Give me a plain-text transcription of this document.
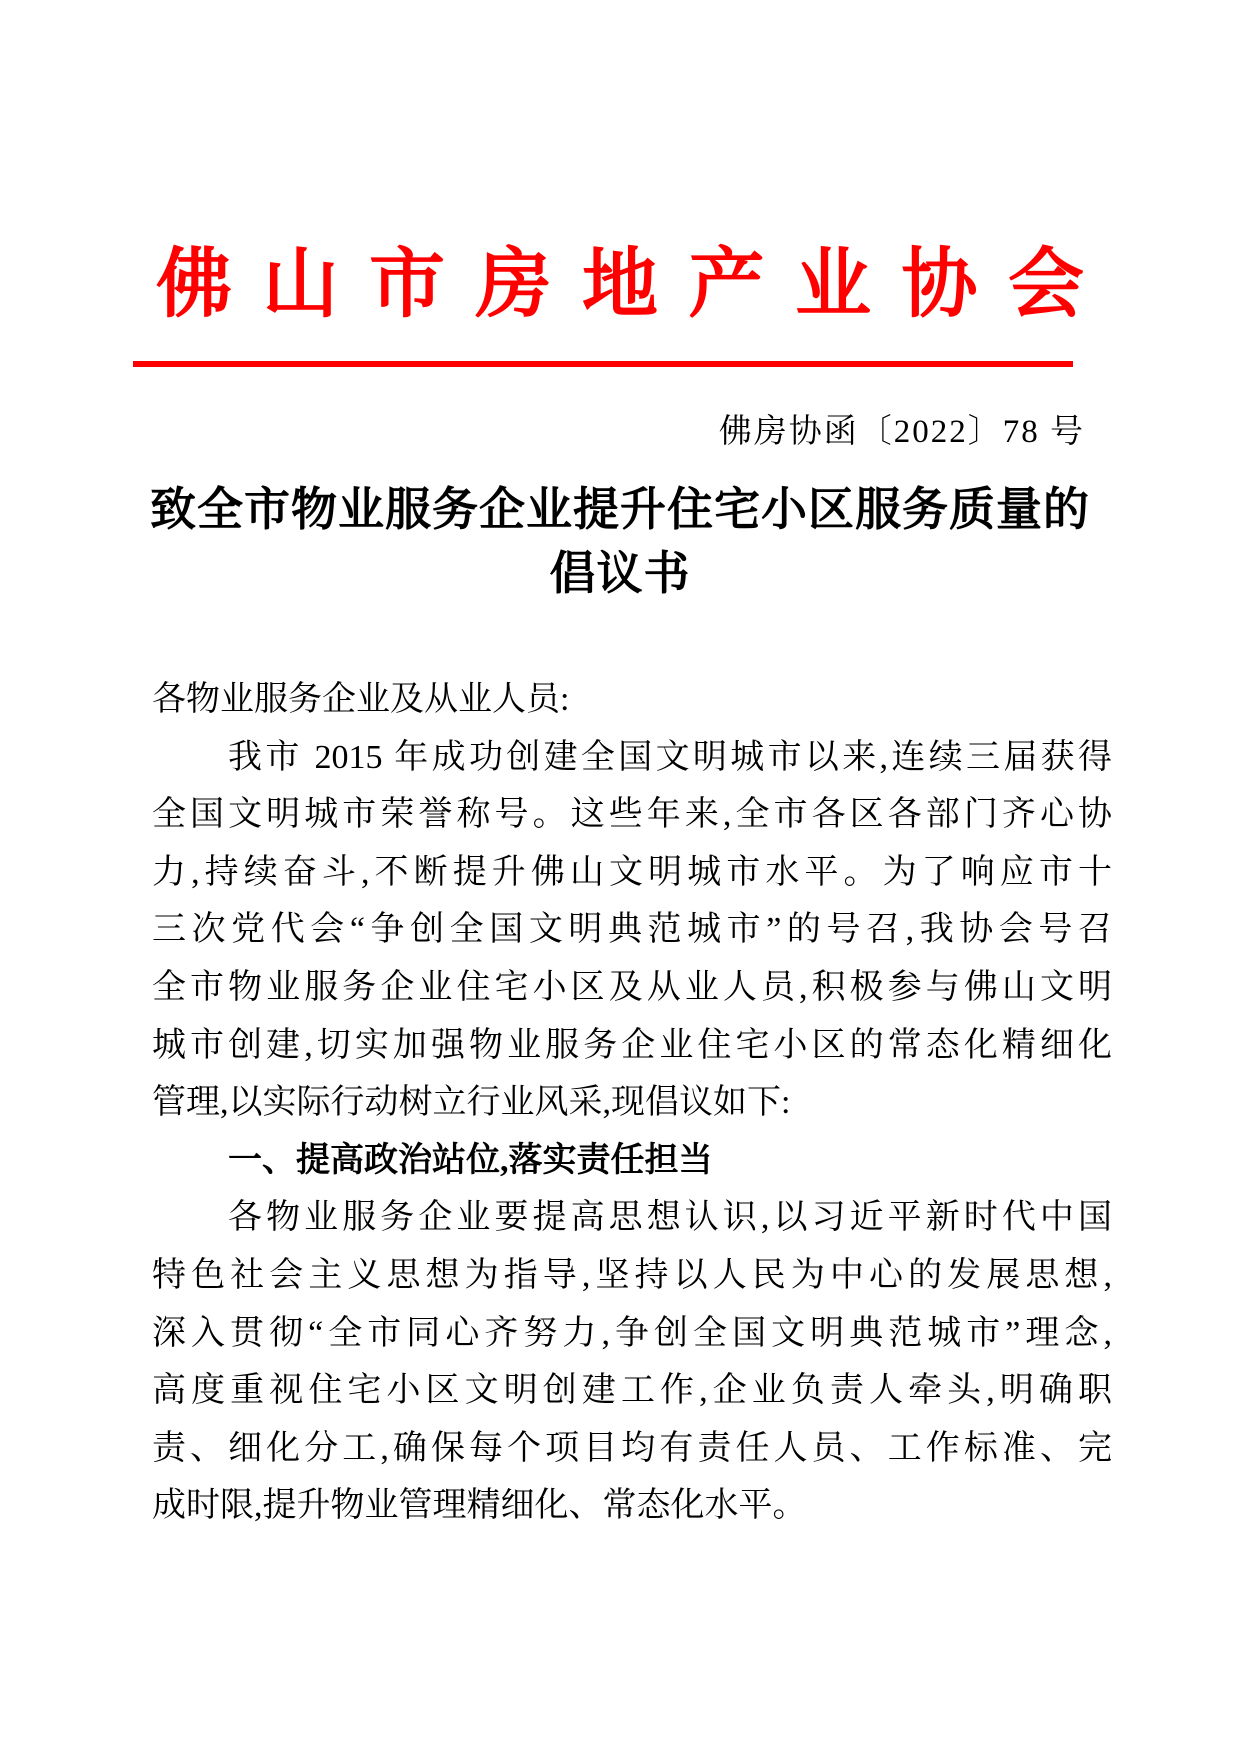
佛 山 市 房 地 产 业 协 会
佛房协函〔2022〕78 号
致全市物业服务企业提升住宅小区服务质量的
倡议书
各物业服务企业及从业人员:
我市 2015 年成功创建全国文明城市以来,连续三届获得
全国文明城市荣誉称号。这些年来,全市各区各部门齐心协
力,持续奋斗,不断提升佛山文明城市水平。为了响应市十
三次党代会“争创全国文明典范城市”的号召,我协会号召
全市物业服务企业住宅小区及从业人员,积极参与佛山文明
城市创建,切实加强物业服务企业住宅小区的常态化精细化
管理,以实际行动树立行业风采,现倡议如下:
一、提高政治站位,落实责任担当
各物业服务企业要提高思想认识,以习近平新时代中国
特色社会主义思想为指导,坚持以人民为中心的发展思想,
深入贯彻“全市同心齐努力,争创全国文明典范城市”理念,
高度重视住宅小区文明创建工作,企业负责人牵头,明确职
责、细化分工,确保每个项目均有责任人员、工作标准、完
成时限,提升物业管理精细化、常态化水平。
